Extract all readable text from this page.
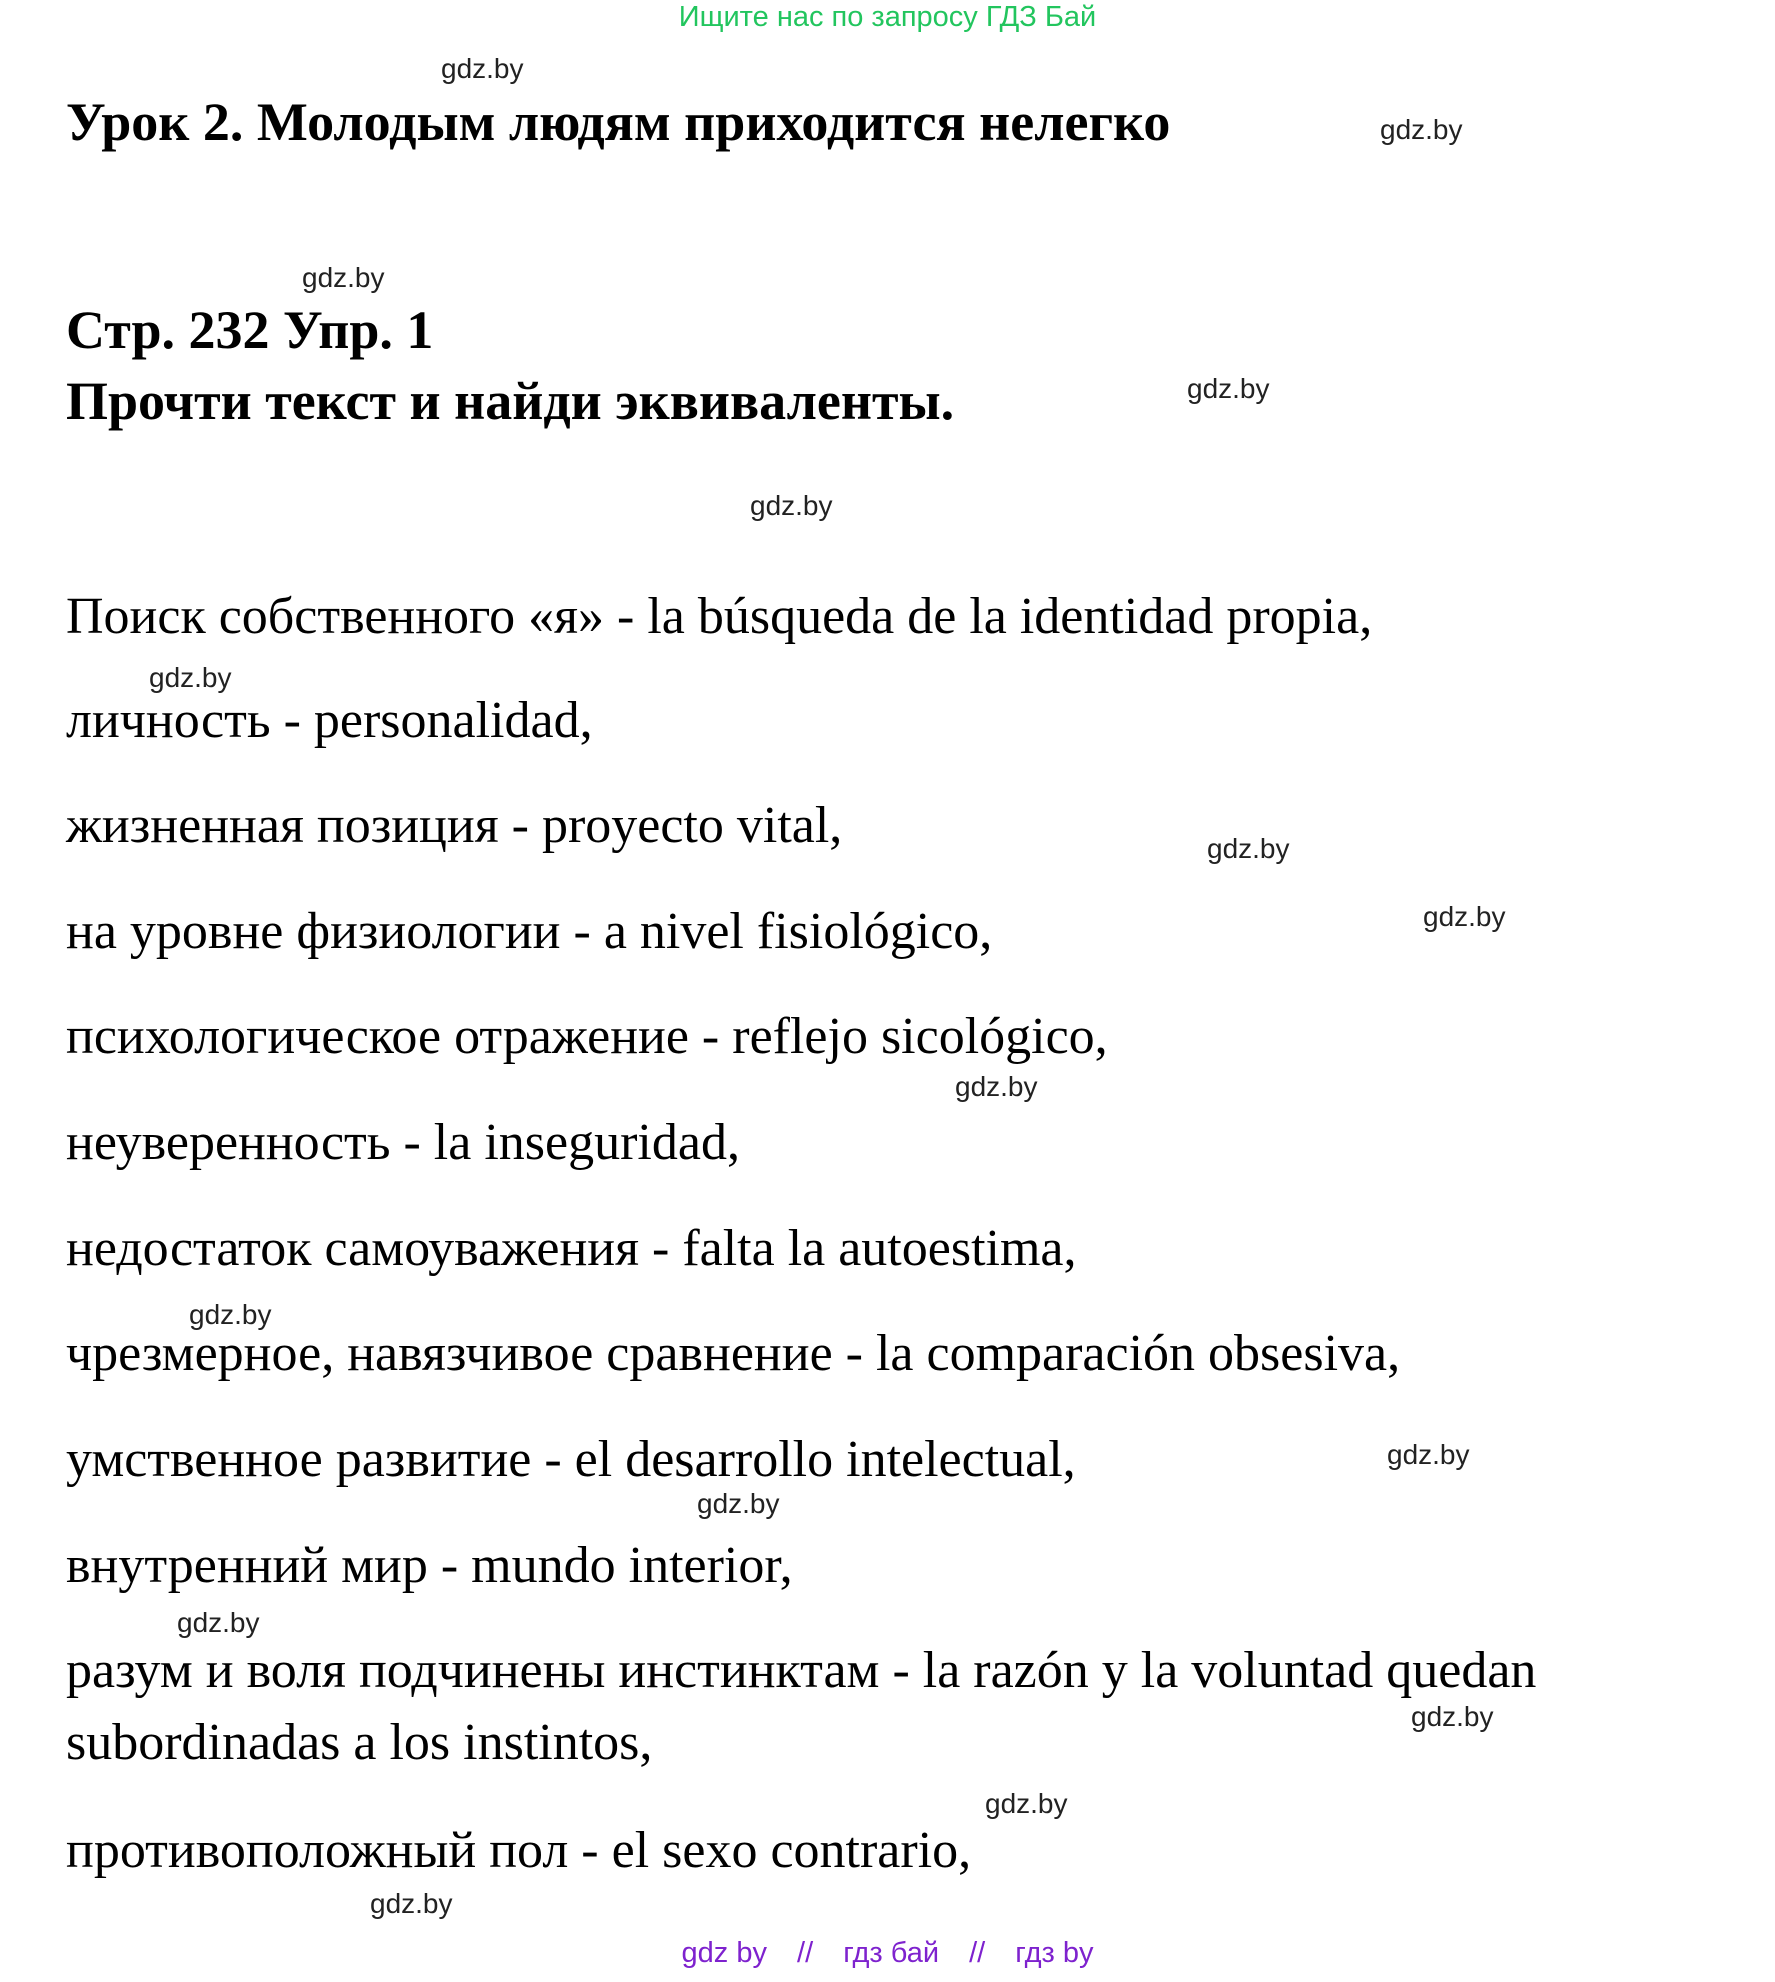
Ищите нас по запросу ГДЗ Бай
Урок 2. Молодым людям приходится нелегко
Стр. 232 Упр. 1
Прочти текст и найди эквиваленты.
Поиск собственного «я» - la búsqueda de la identidad propia,
личность - personalidad,
жизненная позиция - proyecto vital,
на уровне физиологии - a nivel fisiológico,
психологическое отражение - reflejo sicológico,
неуверенность - la inseguridad,
недостаток самоуважения - falta la autoestima,
чрезмерное, навязчивое сравнение - la comparación obsesiva,
умственное развитие - el desarrollo intelectual,
внутренний мир - mundo interior,
разум и воля подчинены инстинктам - la razón y la voluntad quedan
subordinadas a los instintos,
противоположный пол - el sexo contrario,
gdz.by
gdz.by
gdz.by
gdz.by
gdz.by
gdz.by
gdz.by
gdz.by
gdz.by
gdz.by
gdz.by
gdz.by
gdz.by
gdz.by
gdz.by
gdz.by
gdz by // гдз бай // гдз by
